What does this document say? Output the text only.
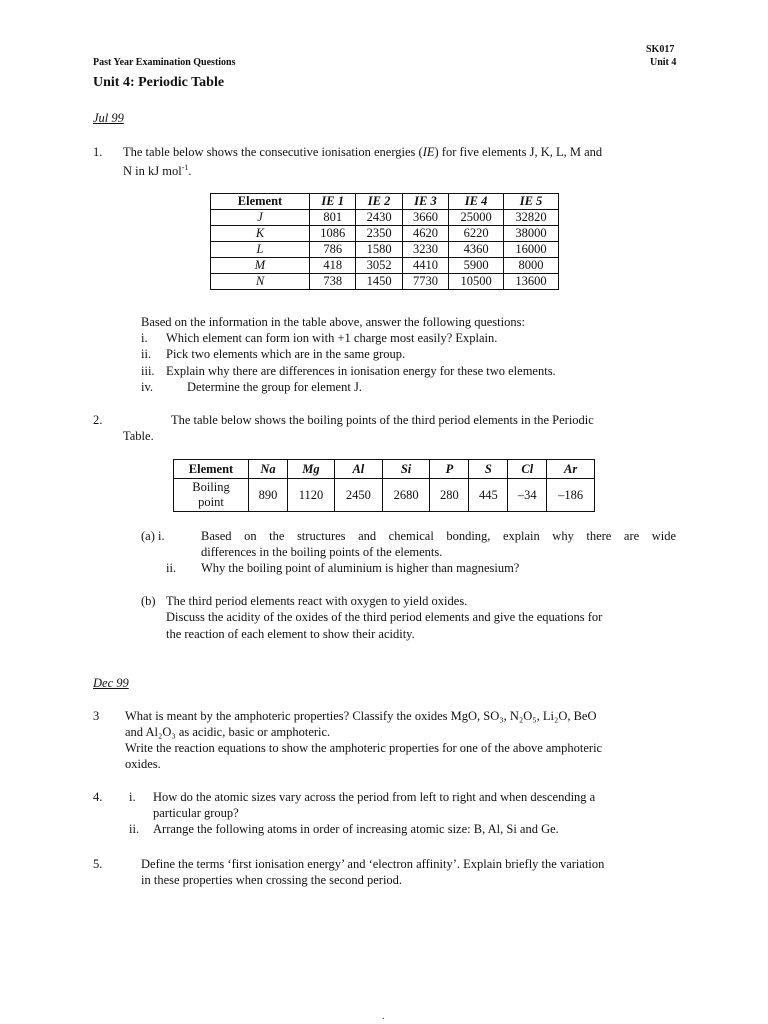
SK017
Unit 4
Past Year Examination Questions
Unit 4: Periodic Table
Jul 99
1. The table below shows the consecutive ionisation energies (IE) for five elements J, K, L, M and
N in kJ mol$^{-1}$.
Element	IE 1	IE 2	IE 3	IE 4	IE 5
J	801	2430	3660	25000	32820
K	1086	2350	4620	6220	38000
L	786	1580	3230	4360	16000
M	418	3052	4410	5900	8000
N	738	1450	7730	10500	13600
Based on the information in the table above, answer the following questions:
i. Which element can form ion with +1 charge most easily? Explain.
ii. Pick two elements which are in the same group.
iii. Explain why there are differences in ionisation energy for these two elements.
iv.	Determine the group for element J.
2.	The table below shows the boiling points of the third period elements in the Periodic
Table.
Element	Na	Mg	Al	Si	P	S	Cl	Ar

Boiling
point	890	1120	2450	2680	280	445	–34	–186
(a) i.	Based on the structures and chemical bonding, explain why there are wide
differences in the boiling points of the elements.
ii. Why the boiling point of aluminium is higher than magnesium?
(b) The third period elements react with oxygen to yield oxides.
Discuss the acidity of the oxides of the third period elements and give the equations for
the reaction of each element to show their acidity.
Dec 99
3 What is meant by the amphoteric properties? Classify the oxides MgO, SO₃, N₂O₅, Li₂O, BeO
and Al₂O₃ as acidic, basic or amphoteric.
Write the reaction equations to show the amphoteric properties for one of the above amphoteric
oxides.
4. i. How do the atomic sizes vary across the period from left to right and when descending a
particular group?
ii. Arrange the following atoms in order of increasing atomic size: B, Al, Si and Ge.
5.	Define the terms ‘first ionisation energy’ and ‘electron affinity’. Explain briefly the variation
in these properties when crossing the second period.
.
